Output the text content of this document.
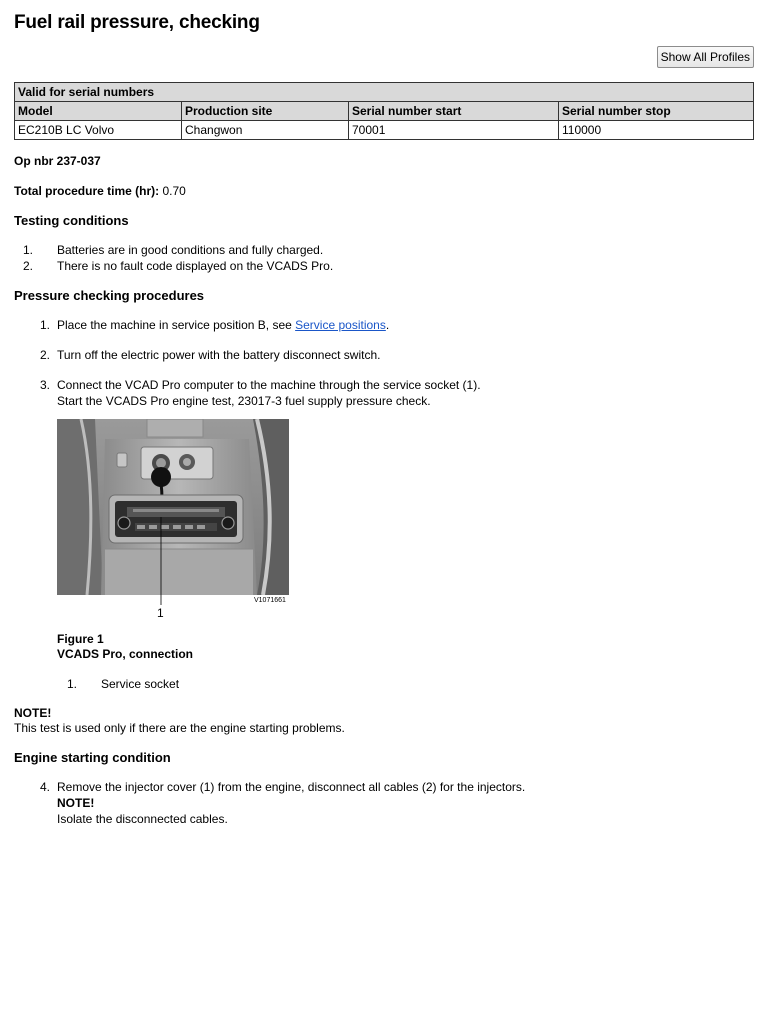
Fuel rail pressure, checking
Show All Profiles
Valid for serial numbers			
Model	Production site	Serial number start	Serial number stop
EC210B LC Volvo	Changwon	70001	110000

Op nbr 237-037

Total procedure time (hr): 0.70

Testing conditions
1. Batteries are in good conditions and fully charged.
2. There is no fault code displayed on the VCADS Pro.
Pressure checking procedures
1. Place the machine in service position B, see Service positions.
2. Turn off the electric power with the battery disconnect switch.
3. Connect the VCAD Pro computer to the machine through the service socket (1).
Start the VCADS Pro engine test, 23017-3 fuel supply pressure check.
1
V1071661
Figure 1
VCADS Pro, connection
1. Service socket
NOTE!
This test is used only if there are the engine starting problems.
Engine starting condition
4. Remove the injector cover (1) from the engine, disconnect all cables (2) for the injectors.
NOTE!
Isolate the disconnected cables.
